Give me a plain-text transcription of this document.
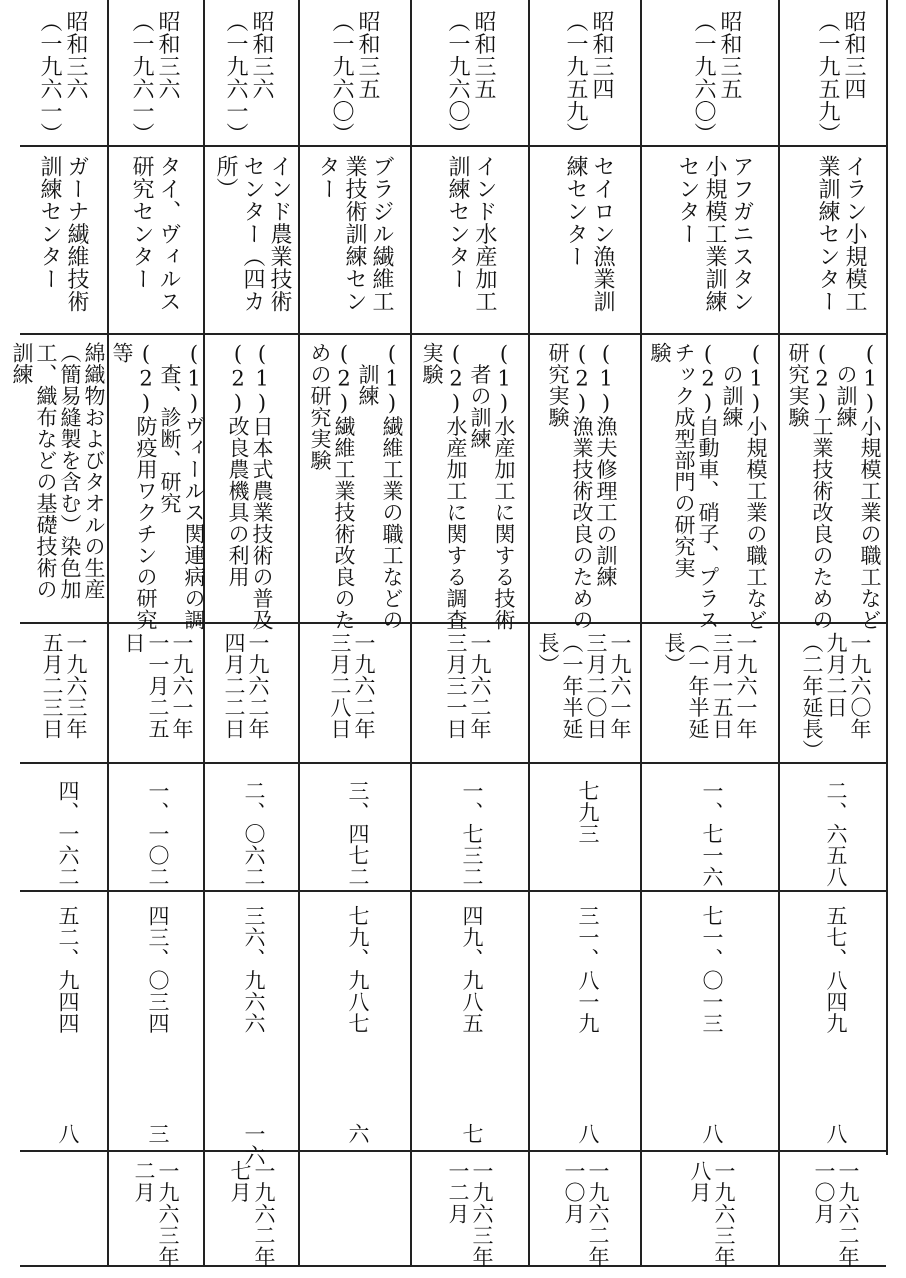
昭和三四
（一九五九）
イラン小規模工
業訓練センター
(1)小規模工業の職工など
　の訓練
(2)工業技術改良のための
研究実験
一九六〇年
九月二日
（二年延長）
二、六五八
五七、八四九
八
一九六二年
一〇月
昭和三五
（一九六〇）
アフガニスタン
小規模工業訓練
センター
(1)小規模工業の職工など
　の訓練
(2)自動車、硝子、プラス
チック成型部門の研究実
験
一九六一年
三月一五日
（一年半延
長）
一、七一六
七一、〇一三
八
一九六三年
八月
昭和三四
（一九五九）
セイロン漁業訓
練センター
(1)漁夫修理工の訓練
(2)漁業技術改良のための
研究実験
一九六一年
三月二〇日
（一年半延
長）
七九三
三一、八一九
八
一九六二年
一〇月
昭和三五
（一九六〇）
インド水産加工
訓練センター
(1)水産加工に関する技術
　者の訓練
(2)水産加工に関する調査
実験
一九六二年
三月三一日
一、七三二
四九、九八五
七
一九六三年
一二月
昭和三五
（一九六〇）
ブラジル繊維工
業技術訓練セン
ター
(1)繊維工業の職工などの
　訓練
(2)繊維工業技術改良のた
めの研究実験
一九六二年
三月二八日
三、四七二
七九、九八七
六
昭和三六
（一九六一）
インド農業技術
センター（四カ
所）
(1)日本式農業技術の普及
(2)改良農機具の利用
一九六二年
四月二二日
二、〇六二
三六、九六六
一六
一九六二年
七月
昭和三六
（一九六一）
タイ、ヴィルス
研究センター
(1)ヴィールス関連病の調
　査、診断、研究
(2)防疫用ワクチンの研究
等
一九六一年
一一月二五
日
一、一〇二
四三、〇三四
三
一九六三年
二月
昭和三六
（一九六一）
ガーナ繊維技術
訓練センター
綿織物およびタオルの生産
（簡易縫製を含む）染色加
工、織布などの基礎技術の
訓練
一九六三年
五月二三日
四、一六二
五二、九四四
八
